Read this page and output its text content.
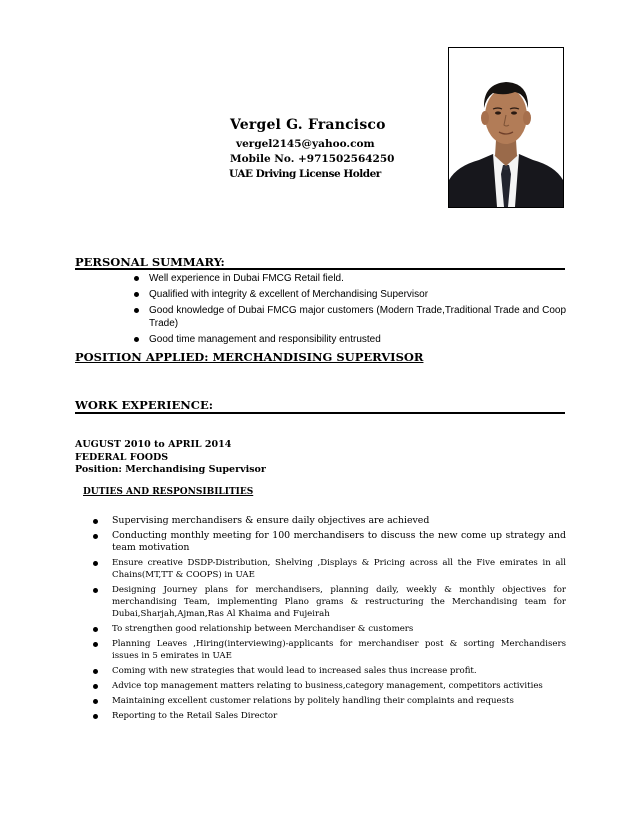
Vergel G. Francisco
vergel2145@yahoo.com
Mobile No. +971502564250
UAE Driving License Holder
PERSONAL SUMMARY:
Well experience in Dubai FMCG Retail field.
Qualified with integrity & excellent of Merchandising Supervisor
Good knowledge of Dubai FMCG major customers (Modern Trade,Traditional Trade and Coop Trade)
Good time management and responsibility entrusted
POSITION APPLIED: MERCHANDISING SUPERVISOR
WORK EXPERIENCE:
AUGUST 2010 to APRIL 2014
FEDERAL FOODS
Position: Merchandising Supervisor
DUTIES AND RESPONSIBILITIES
Supervising merchandisers & ensure daily objectives are achieved
Conducting monthly meeting for 100 merchandisers to discuss the new come up strategy and team motivation
Ensure creative DSDP-Distribution, Shelving ,Displays & Pricing across all the Five emirates in all Chains(MT,TT & COOPS) in UAE
Designing Journey plans for merchandisers, planning daily, weekly & monthly objectives for merchandising Team, implementing Plano grams & restructuring the Merchandising team for Dubai,Sharjah,Ajman,Ras Al Khaima and Fujeirah
To strengthen good relationship between Merchandiser & customers
Planning Leaves ,Hiring(interviewing)-applicants for merchandiser post & sorting Merchandisers issues in 5 emirates in UAE
Coming with new strategies that would lead to increased sales thus increase profit.
Advice top management matters relating to business,category management, competitors activities
Maintaining excellent customer relations by politely handling their complaints and requests
Reporting to the Retail Sales Director
